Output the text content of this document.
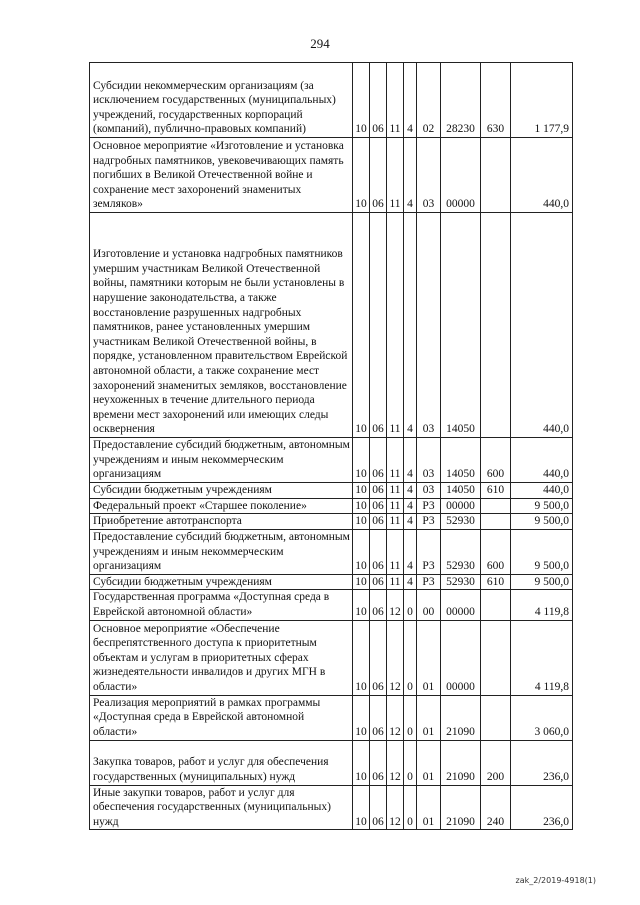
294
Субсидии некоммерческим организациям (за исключением государственных (муниципальных) учреждений, государственных корпораций (компаний), публично-правовых компаний)	10	06	11	4	02	28230	630	1 177,9
Основное мероприятие «Изготовление и установка надгробных памятников, увековечивающих память погибших в Великой Отечественной войне и сохранение мест захоронений знаменитых земляков»	10	06	11	4	03	00000		440,0
Изготовление и установка надгробных памятников умершим участникам Великой Отечественной войны, памятники которым не были установлены в нарушение законодательства, а также восстановление разрушенных надгробных памятников, ранее установленных умершим участникам Великой Отечественной войны, в порядке, установленном правительством Еврейской автономной области, а также сохранение мест захоронений знаменитых земляков, восстановление неухоженных в течение длительного периода времени мест захоронений или имеющих следы осквернения	10	06	11	4	03	14050		440,0
Предоставление субсидий бюджетным, автономным учреждениям и иным некоммерческим организациям	10	06	11	4	03	14050	600	440,0
Субсидии бюджетным учреждениям	10	06	11	4	03	14050	610	440,0
Федеральный проект «Старшее поколение»	10	06	11	4	P3	00000		9 500,0
Приобретение автотранспорта	10	06	11	4	P3	52930		9 500,0
Предоставление субсидий бюджетным, автономным учреждениям и иным некоммерческим организациям	10	06	11	4	P3	52930	600	9 500,0
Субсидии бюджетным учреждениям	10	06	11	4	P3	52930	610	9 500,0
Государственная программа «Доступная среда в Еврейской автономной области»	10	06	12	0	00	00000		4 119,8
Основное мероприятие «Обеспечение беспрепятственного доступа к приоритетным объектам и услугам в приоритетных сферах жизнедеятельности инвалидов и других МГН в области»	10	06	12	0	01	00000		4 119,8
Реализация мероприятий в рамках программы «Доступная среда в Еврейской автономной области»	10	06	12	0	01	21090		3 060,0
Закупка товаров, работ и услуг для обеспечения государственных (муниципальных) нужд	10	06	12	0	01	21090	200	236,0
Иные закупки товаров, работ и услуг для обеспечения государственных (муниципальных) нужд	10	06	12	0	01	21090	240	236,0
zak_2/2019-4918(1)
